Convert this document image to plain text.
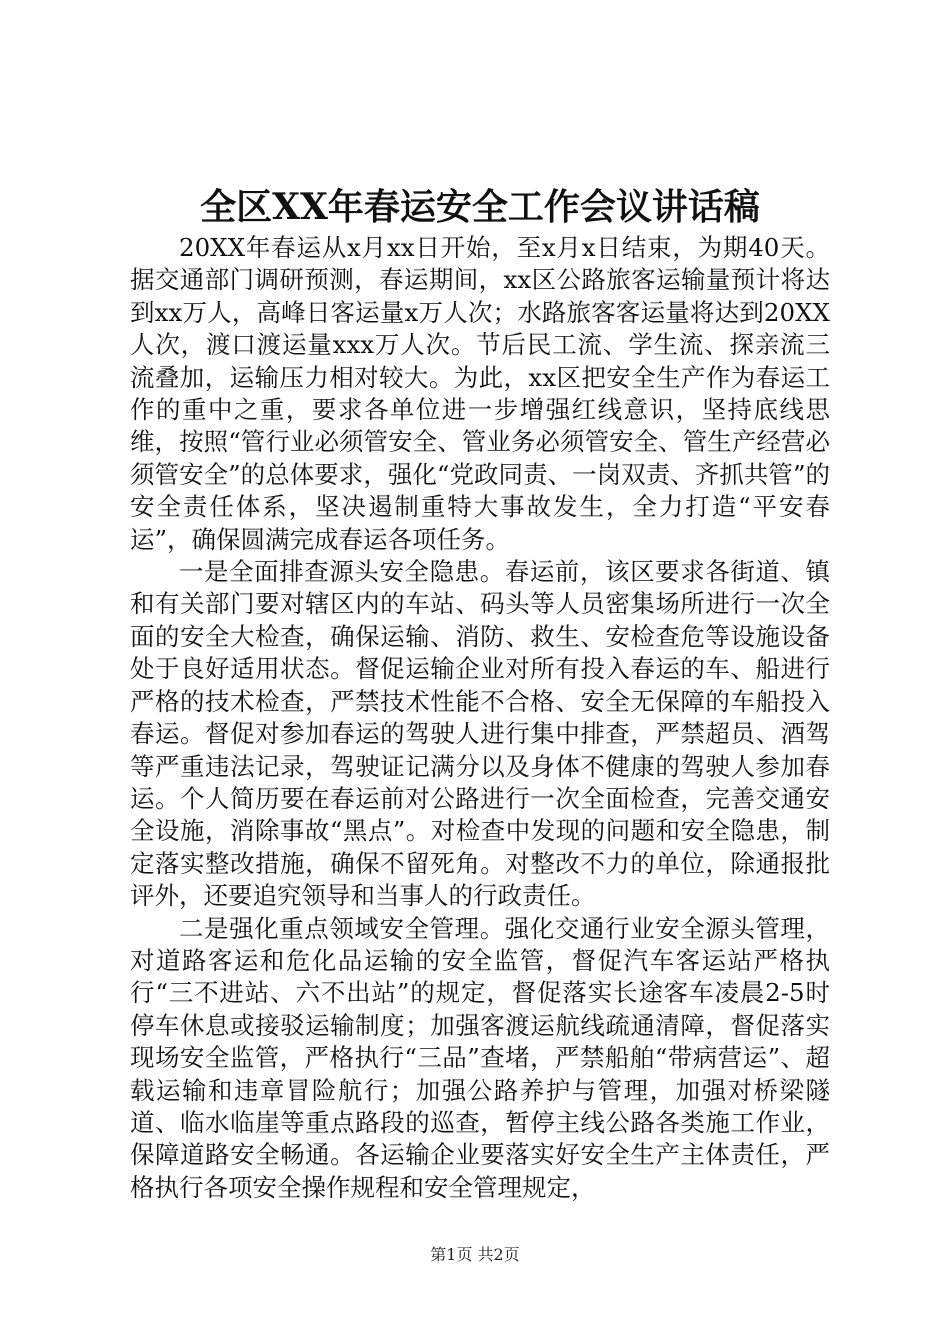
全区XX年春运安全工作会议讲话稿

20XX年春运从x月xx日开始，至x月x日结束，为期40天。据交通部门调研预测，春运期间，xx区公路旅客运输量预计将达到xx万人，高峰日客运量x万人次；水路旅客客运量将达到20XX人次，渡口渡运量xxx万人次。节后民工流、学生流、探亲流三流叠加，运输压力相对较大。为此，xx区把安全生产作为春运工作的重中之重，要求各单位进一步增强红线意识，坚持底线思维，按照“管行业必须管安全、管业务必须管安全、管生产经营必须管安全”的总体要求，强化“党政同责、一岗双责、齐抓共管”的安全责任体系，坚决遏制重特大事故发生，全力打造“平安春运”，确保圆满完成春运各项任务。

一是全面排查源头安全隐患。春运前，该区要求各街道、镇和有关部门要对辖区内的车站、码头等人员密集场所进行一次全面的安全大检查，确保运输、消防、救生、安检查危等设施设备处于良好适用状态。督促运输企业对所有投入春运的车、船进行严格的技术检查，严禁技术性能不合格、安全无保障的车船投入春运。督促对参加春运的驾驶人进行集中排查，严禁超员、酒驾等严重违法记录，驾驶证记满分以及身体不健康的驾驶人参加春运。个人简历要在春运前对公路进行一次全面检查，完善交通安全设施，消除事故“黑点”。对检查中发现的问题和安全隐患，制定落实整改措施，确保不留死角。对整改不力的单位，除通报批评外，还要追究领导和当事人的行政责任。

二是强化重点领域安全管理。强化交通行业安全源头管理，对道路客运和危化品运输的安全监管，督促汽车客运站严格执行“三不进站、六不出站”的规定，督促落实长途客车凌晨2-5时停车休息或接驳运输制度；加强客渡运航线疏通清障，督促落实现场安全监管，严格执行“三品”查堵，严禁船舶“带病营运”、超载运输和违章冒险航行；加强公路养护与管理，加强对桥梁隧道、临水临崖等重点路段的巡查，暂停主线公路各类施工作业，保障道路安全畅通。各运输企业要落实好安全生产主体责任，严格执行各项安全操作规程和安全管理规定，

第1页 共2页
